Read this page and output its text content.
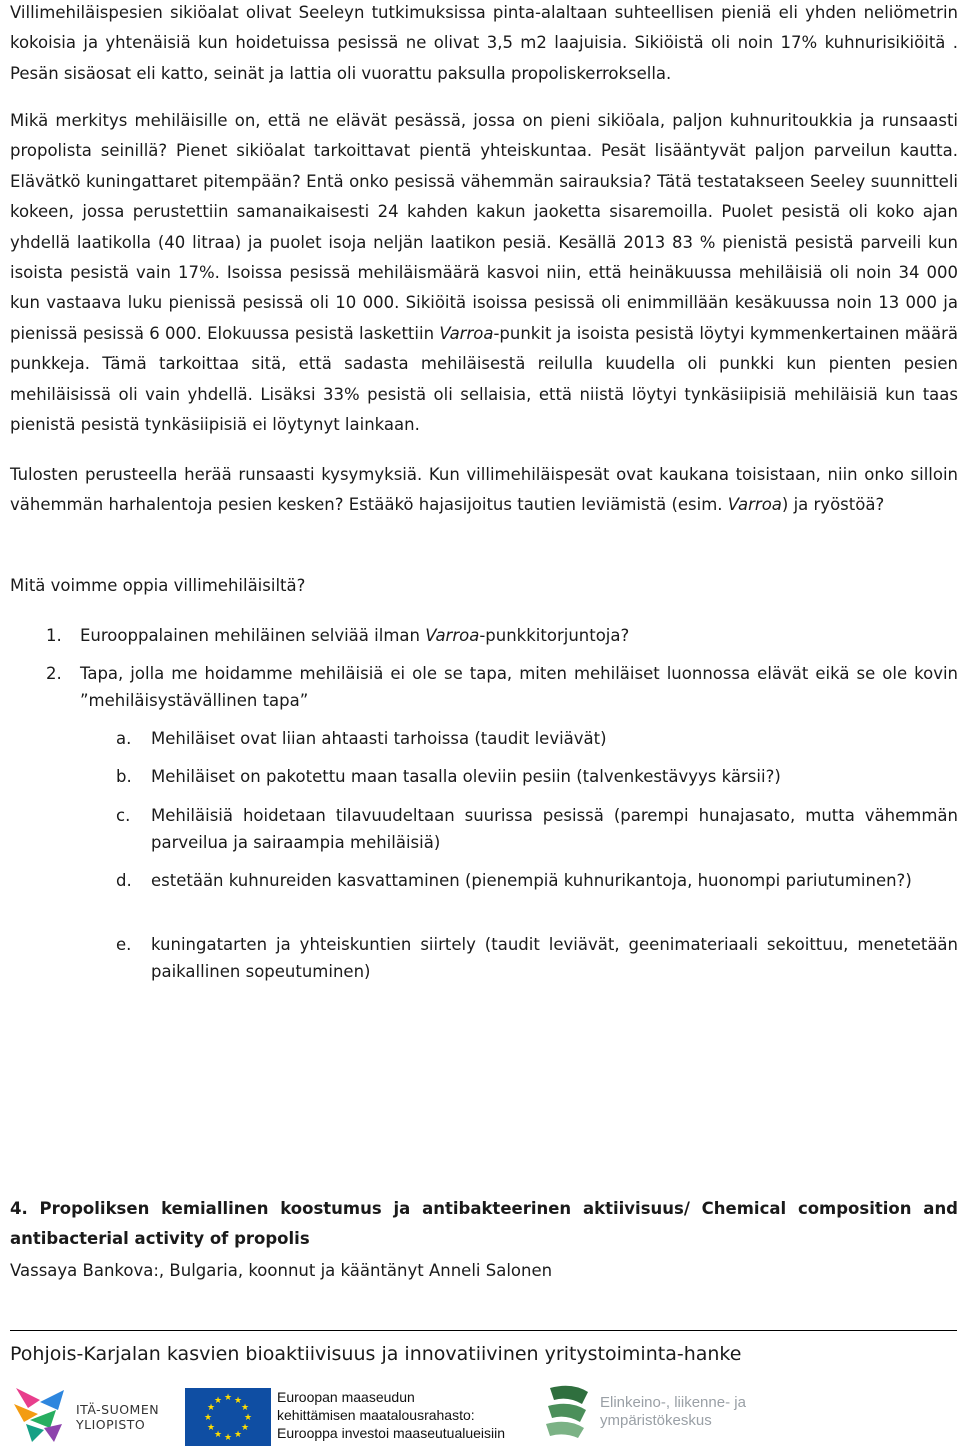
Villimehiläispesien sikiöalat olivat Seeleyn tutkimuksissa pinta-alaltaan suhteellisen pieniä eli yhden neliömetrin kokoisia ja yhtenäisiä kun hoidetuissa pesissä ne olivat 3,5 m2 laajuisia. Sikiöistä oli noin 17% kuhnurisikiöitä . Pesän sisäosat eli katto, seinät ja lattia oli vuorattu paksulla propoliskerroksella.

Mikä merkitys mehiläisille on, että ne elävät pesässä, jossa on pieni sikiöala, paljon kuhnuritoukkia ja runsaasti propolista seinillä? Pienet sikiöalat tarkoittavat pientä yhteiskuntaa. Pesät lisääntyvät paljon parveilun kautta. Elävätkö kuningattaret pitempään? Entä onko pesissä vähemmän sairauksia? Tätä testatakseen Seeley suunnitteli kokeen, jossa perustettiin samanaikaisesti 24 kahden kakun jaoketta sisaremoilla. Puolet pesistä oli koko ajan yhdellä laatikolla (40 litraa) ja puolet isoja neljän laatikon pesiä. Kesällä 2013 83 % pienistä pesistä parveili kun isoista pesistä vain 17%. Isoissa pesissä mehiläismäärä kasvoi niin, että heinäkuussa mehiläisiä oli noin 34 000 kun vastaava luku pienissä pesissä oli 10 000. Sikiöitä isoissa pesissä oli enimmillään kesäkuussa noin 13 000 ja pienissä pesissä 6 000. Elokuussa pesistä laskettiin Varroa-punkit ja isoista pesistä löytyi kymmenkertainen määrä punkkeja. Tämä tarkoittaa sitä, että sadasta mehiläisestä reilulla kuudella oli punkki kun pienten pesien mehiläisissä oli vain yhdellä. Lisäksi 33% pesistä oli sellaisia, että niistä löytyi tynkäsiipisiä mehiläisiä kun taas pienistä pesistä tynkäsiipisiä ei löytynyt lainkaan.

Tulosten perusteella herää runsaasti kysymyksiä. Kun villimehiläispesät ovat kaukana toisistaan, niin onko silloin vähemmän harhalentoja pesien kesken? Estääkö hajasijoitus tautien leviämistä (esim. Varroa) ja ryöstöä?

Mitä voimme oppia villimehiläisiltä?

1. Eurooppalainen mehiläinen selviää ilman Varroa-punkkitorjuntoja?
2. Tapa, jolla me hoidamme mehiläisiä ei ole se tapa, miten mehiläiset luonnossa elävät eikä se ole kovin ”mehiläisystävällinen tapa”
a. Mehiläiset ovat liian ahtaasti tarhoissa (taudit leviävät)
b. Mehiläiset on pakotettu maan tasalla oleviin pesiin (talvenkestävyys kärsii?)
c. Mehiläisiä hoidetaan tilavuudeltaan suurissa pesissä (parempi hunajasato, mutta vähemmän parveilua ja sairaampia mehiläisiä)
d. estetään kuhnureiden kasvattaminen (pienempiä kuhnurikantoja, huonompi pariutuminen?)
e. kuningatarten ja yhteiskuntien siirtely (taudit leviävät, geenimateriaali sekoittuu, menetetään paikallinen sopeutuminen)

4. Propoliksen kemiallinen koostumus ja antibakteerinen aktiivisuus/ Chemical composition and antibacterial activity of propolis

Vassaya Bankova:, Bulgaria, koonnut ja kääntänyt Anneli Salonen

Pohjois-Karjalan kasvien bioaktiivisuus ja innovatiivinen yritystoiminta-hanke
ITÄ-SUOMEN
YLIOPISTO
★ ★
★
★
★
★
★
★
★
★
★
★	Euroopan maaseudun
kehittämisen maatalousrahasto:
Eurooppa investoi maaseutualueisiin
Elinkeino-, liikenne- ja
ympäristökeskus
